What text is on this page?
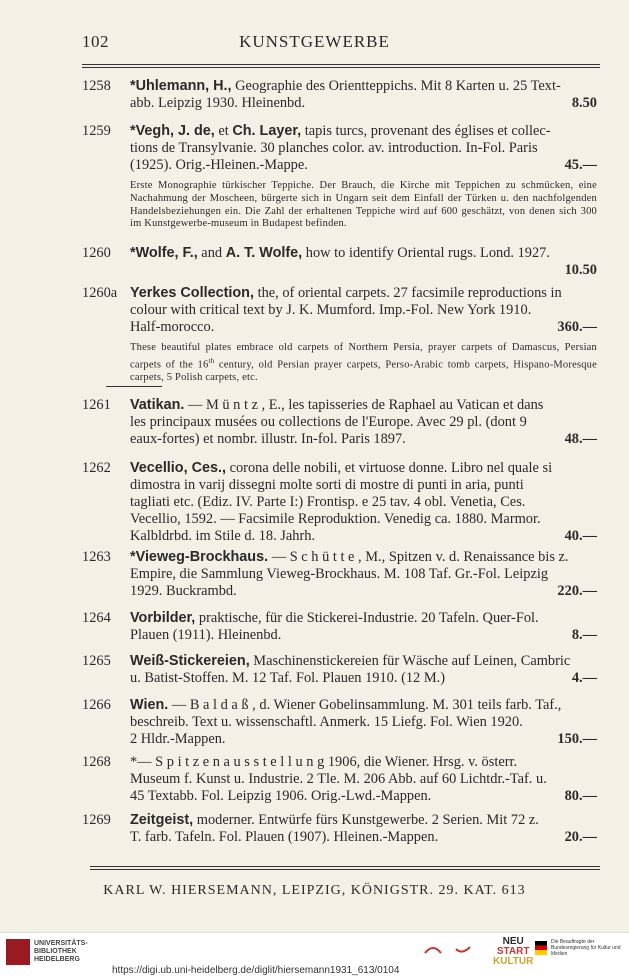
102	KUNSTGEWERBE
1258	*Uhlemann, H., Geographie des Orientteppichs. Mit 8 Karten u. 25 Text-
abb. Leipzig 1930. Hleinenbd.	8.50
1259	*Vegh, J. de, et Ch. Layer, tapis turcs, provenant des églises et collec-
tions de Transylvanie. 30 planches color. av. introduction. In-Fol. Paris
(1925). Orig.-Hleinen.-Mappe.	45.—
1260	*Wolfe, F., and A. T. Wolfe, how to identify Oriental rugs. Lond. 1927.
10.50
1260a Yerkes Collection, the, of oriental carpets. 27 facsimile reproductions in
colour with critical text by J. K. Mumford. Imp.-Fol. New York 1910.
Half-morocco.	360.—
1261	Vatikan. — M ü n t z , E., les tapisseries de Raphael au Vatican et dans
les principaux musées ou collections de l'Europe. Avec 29 pl. (dont 9
eaux-fortes) et nombr. illustr. In-fol. Paris 1897.	48.—
1262	Vecellio, Ces., corona delle nobili, et virtuose donne. Libro nel quale si
dimostra in varij dissegni molte sorti di mostre di punti in aria, punti
tagliati etc. (Ediz. IV. Parte I:) Frontisp. e 25 tav. 4 obl. Venetia, Ces.
Vecellio, 1592. — Facsimile Reproduktion. Venedig ca. 1880. Marmor.
Kalbldrbd. im Stile d. 18. Jahrh.	40.—
1263	*Vieweg-Brockhaus. — S c h ü t t e , M., Spitzen v. d. Renaissance bis z.
Empire, die Sammlung Vieweg-Brockhaus. M. 108 Taf. Gr.-Fol. Leipzig
1929. Buckrambd.	220.—
1264	Vorbilder, praktische, für die Stickerei-Industrie. 20 Tafeln. Quer-Fol.
Plauen (1911). Hleinenbd.	8.—
1265	Weiß-Stickereien, Maschinenstickereien für Wäsche auf Leinen, Cambric
u. Batist-Stoffen. M. 12 Taf. Fol. Plauen 1910. (12 M.)	4.—
1266	Wien. — B a l d a ß , d. Wiener Gobelinsammlung. M. 301 teils farb. Taf.,
beschreib. Text u. wissenschaftl. Anmerk. 15 Liefg. Fol. Wien 1920.
2 Hldr.-Mappen.	150.—
1268	*— S p i t z e n a u s s t e l l u n g 1906, die Wiener. Hrsg. v. österr.
Museum f. Kunst u. Industrie. 2 Tle. M. 206 Abb. auf 60 Lichtdr.-Taf. u.
45 Textabb. Fol. Leipzig 1906. Orig.-Lwd.-Mappen.	80.—
1269	Zeitgeist, moderner. Entwürfe fürs Kunstgewerbe. 2 Serien. Mit 72 z.
T. farb. Tafeln. Fol. Plauen (1907). Hleinen.-Mappen.	20.—
Erste Monographie türkischer Teppiche. Der Brauch, die Kirche mit Teppichen zu schmücken, eine Nachahmung der Moscheen, bürgerte sich in Ungarn seit dem Einfall der Türken u. den nachfolgenden Handelsbeziehungen ein. Die Zahl der erhaltenen Teppiche wird auf 600 geschätzt, von denen sich 300 im Kunstgewerbe-museum in Budapest befinden.
These beautiful plates embrace old carpets of Northern Persia, prayer carpets of Damascus, Persian carpets of the 16th century, old Persian prayer carpets, Perso-Arabic tomb carpets, Hispano-Moresque carpets, 5 Polish carpets, etc.
KARL W. HIERSEMANN, LEIPZIG, KÖNIGSTR. 29. KAT. 613
UNIVERSITÄTS-
BIBLIOTHEK
HEIDELBERG
NEU
START
KULTUR
Die Beauftragte der Bundesregierung für Kultur und Medien
https://digi.ub.uni-heidelberg.de/diglit/hiersemann1931_613/0104
